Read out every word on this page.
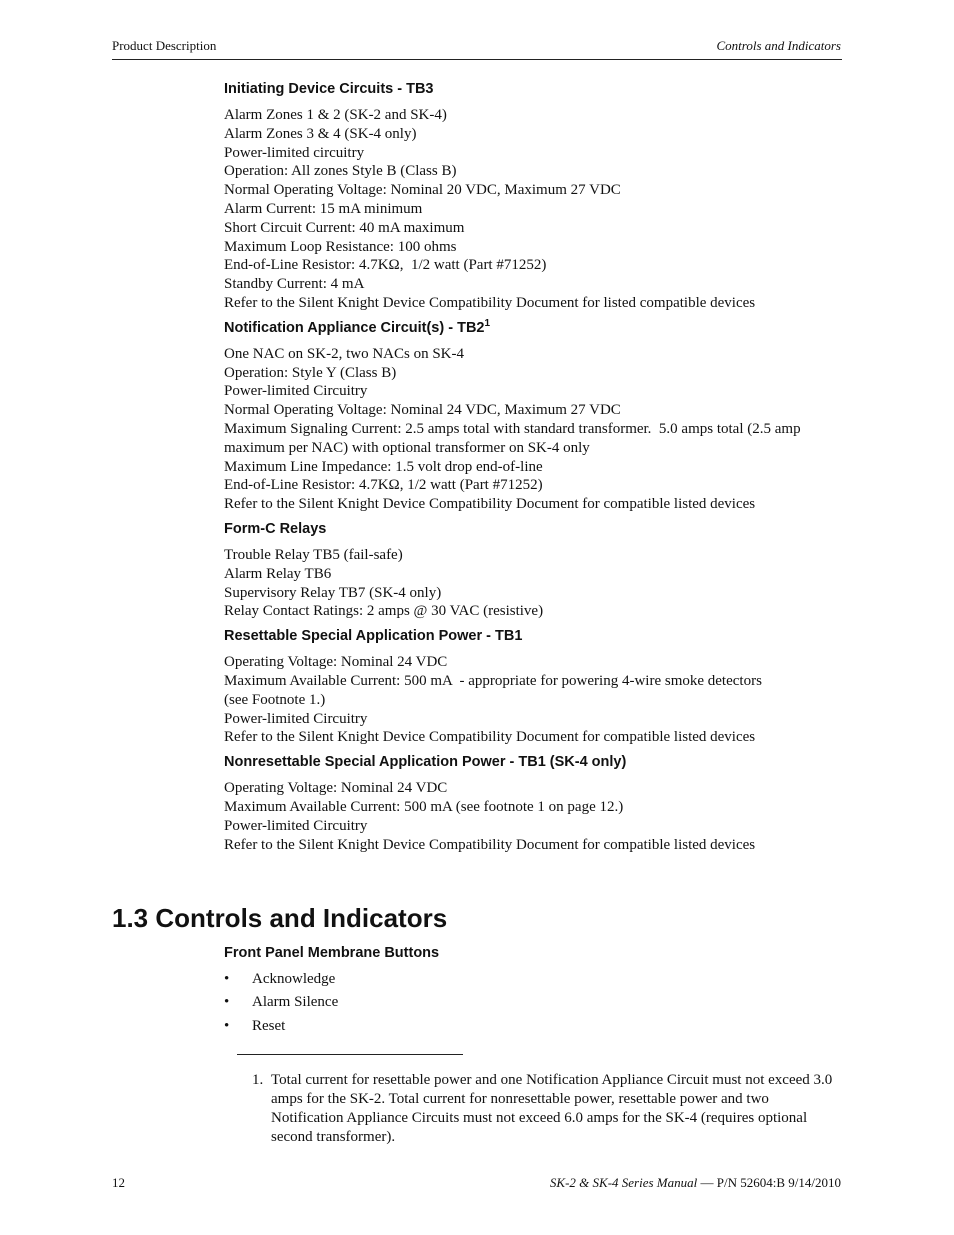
Product Description	Controls and Indicators
Initiating Device Circuits - TB3
Alarm Zones 1 & 2 (SK-2 and SK-4)
Alarm Zones 3 & 4 (SK-4 only)
Power-limited circuitry
Operation: All zones Style B (Class B)
Normal Operating Voltage: Nominal 20 VDC, Maximum 27 VDC
Alarm Current: 15 mA minimum
Short Circuit Current: 40 mA maximum
Maximum Loop Resistance: 100 ohms
End-of-Line Resistor: 4.7KΩ,  1/2 watt (Part #71252)
Standby Current: 4 mA
Refer to the Silent Knight Device Compatibility Document for listed compatible devices
Notification Appliance Circuit(s) - $TB2^1$
One NAC on SK-2, two NACs on SK-4
Operation: Style Y (Class B)
Power-limited Circuitry
Normal Operating Voltage: Nominal 24 VDC, Maximum 27 VDC
Maximum Signaling Current: 2.5 amps total with standard transformer.  5.0 amps total (2.5 amp
maximum per NAC) with optional transformer on SK-4 only
Maximum Line Impedance: 1.5 volt drop end-of-line
End-of-Line Resistor: 4.7KΩ, 1/2 watt (Part #71252)
Refer to the Silent Knight Device Compatibility Document for compatible listed devices
Form-C Relays
Trouble Relay TB5 (fail-safe)
Alarm Relay TB6
Supervisory Relay TB7 (SK-4 only)
Relay Contact Ratings: 2 amps @ 30 VAC (resistive)
Resettable Special Application Power - TB1
Operating Voltage: Nominal 24 VDC
Maximum Available Current: 500 mA  - appropriate for powering 4-wire smoke detectors
(see Footnote 1.)
Power-limited Circuitry
Refer to the Silent Knight Device Compatibility Document for compatible listed devices
Nonresettable Special Application Power - TB1 (SK-4 only)
Operating Voltage: Nominal 24 VDC
Maximum Available Current: 500 mA (see footnote 1 on page 12.)
Power-limited Circuitry
Refer to the Silent Knight Device Compatibility Document for compatible listed devices
1.3 Controls and Indicators
Front Panel Membrane Buttons
• Acknowledge
• Alarm Silence
• Reset
1. Total current for resettable power and one Notification Appliance Circuit must not exceed 3.0 amps for the SK-2. Total current for nonresettable power, resettable power and two Notification Appliance Circuits must not exceed 6.0 amps for the SK-4 (requires optional second transformer).
12	SK-2 & SK-4 Series Manual — P/N 52604:B 9/14/2010
